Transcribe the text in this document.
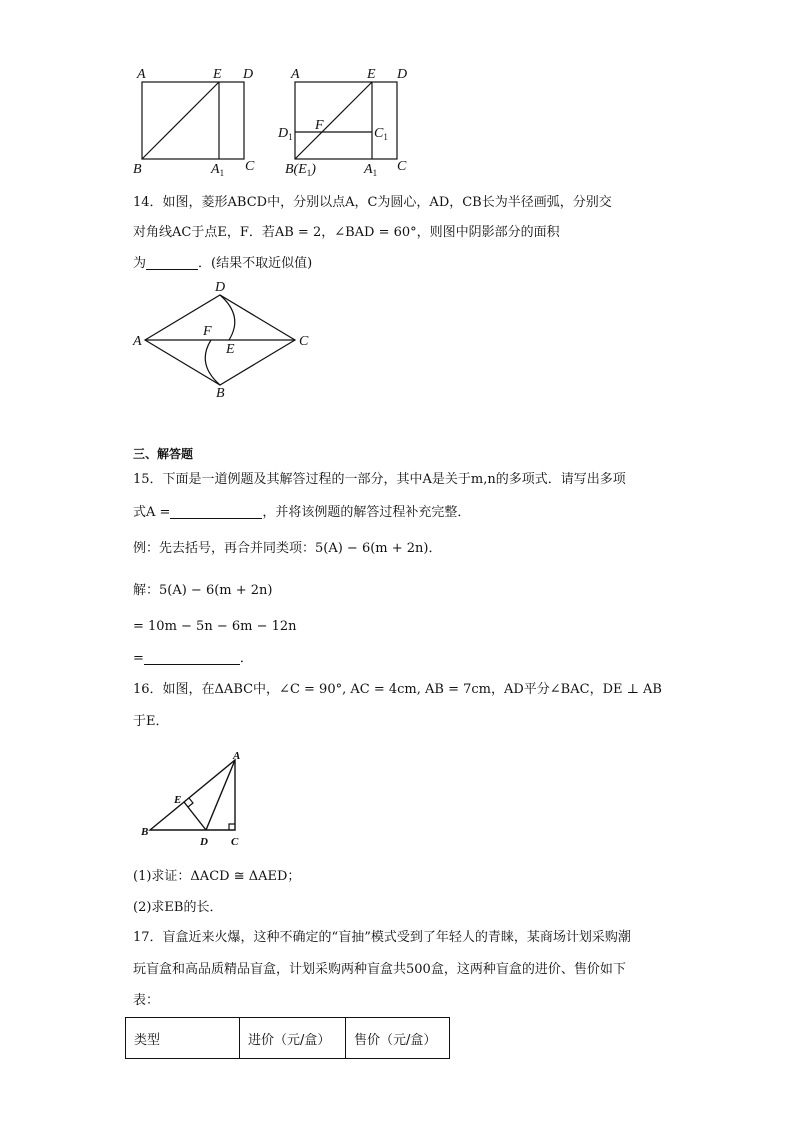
A	E D
B	$A_1$ C
A	E D
$D_1$
F
$C_1$
$B(E_1)$	$A_1$ C
14．如图，菱形ABCD中，分别以点A，C为圆心，AD，CB长为半径画弧，分别交
对角线AC于点E，F．若AB = 2，∠BAD = 60°，则图中阴影部分的面积
为	．(结果不取近似值)
D
A
F
E
C
B
三、解答题
15．下面是一道例题及其解答过程的一部分，其中A是关于m,n的多项式．请写出多项
式A =	，并将该例题的解答过程补充完整．
例：先去括号，再合并同类项：5(A) − 6(m + 2n)．
解：5(A) − 6(m + 2n)
= 10m − 5n − 6m − 12n
=	．
16．如图，在ΔABC中，∠C = 90°, AC = 4cm, AB = 7cm，AD平分∠BAC，DE ⊥ AB
于E．
A
E
B
D C
(1)求证：ΔACD ≅ ΔAED；
(2)求EB的长．
17．盲盒近来火爆，这种不确定的“盲抽”模式受到了年轻人的青睐，某商场计划采购潮
玩盲盒和高品质精品盲盒，计划采购两种盲盒共500盒，这两种盲盒的进价、售价如下
表：
类型	进价（元/盒）	售价（元/盒）
